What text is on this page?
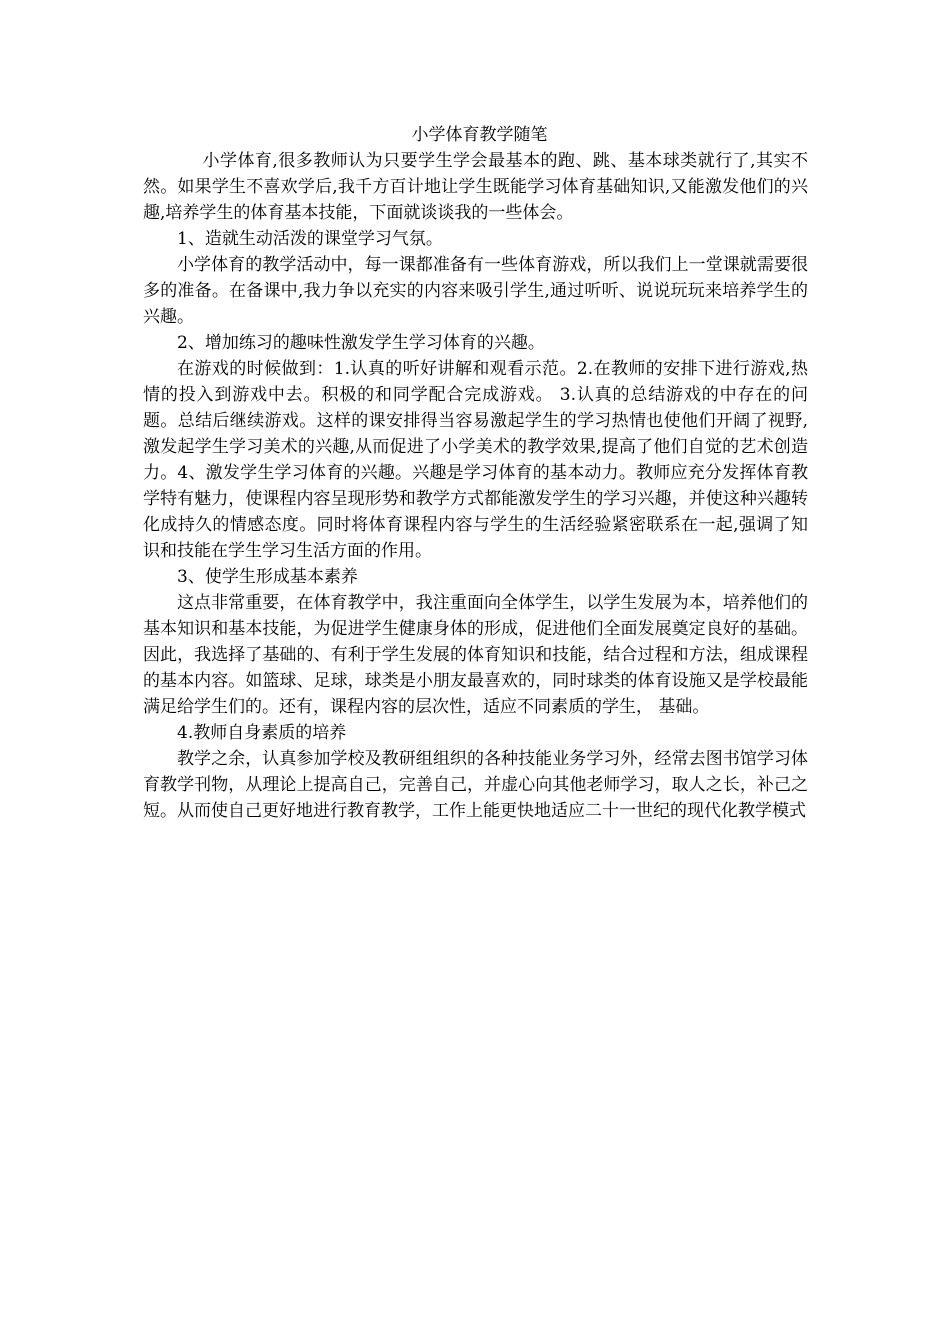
小学体育教学随笔

小学体育,很多教师认为只要学生学会最基本的跑、跳、基本球类就行了,其实不然。如果学生不喜欢学后,我千方百计地让学生既能学习体育基础知识,又能激发他们的兴趣,培养学生的体育基本技能，下面就谈谈我的一些体会。

1、造就生动活泼的课堂学习气氛。

小学体育的教学活动中，每一课都准备有一些体育游戏，所以我们上一堂课就需要很多的准备。在备课中,我力争以充实的内容来吸引学生,通过听听、说说玩玩来培养学生的兴趣。

2、增加练习的趣味性激发学生学习体育的兴趣。

在游戏的时候做到：1.认真的听好讲解和观看示范。2.在教师的安排下进行游戏,热情的投入到游戏中去。积极的和同学配合完成游戏。 3.认真的总结游戏的中存在的问题。总结后继续游戏。这样的课安排得当容易激起学生的学习热情也使他们开阔了视野,激发起学生学习美术的兴趣,从而促进了小学美术的教学效果,提高了他们自觉的艺术创造力。4、激发学生学习体育的兴趣。兴趣是学习体育的基本动力。教师应充分发挥体育教学特有魅力，使课程内容呈现形势和教学方式都能激发学生的学习兴趣，并使这种兴趣转化成持久的情感态度。同时将体育课程内容与学生的生活经验紧密联系在一起,强调了知识和技能在学生学习生活方面的作用。

3、使学生形成基本素养

这点非常重要，在体育教学中，我注重面向全体学生，以学生发展为本，培养他们的基本知识和基本技能，为促进学生健康身体的形成，促进他们全面发展奠定良好的基础。因此，我选择了基础的、有利于学生发展的体育知识和技能，结合过程和方法，组成课程的基本内容。如篮球、足球，球类是小朋友最喜欢的，同时球类的体育设施又是学校最能满足给学生们的。还有，课程内容的层次性，适应不同素质的学生， 基础。

4.教师自身素质的培养

教学之余，认真参加学校及教研组组织的各种技能业务学习外，经常去图书馆学习体育教学刊物，从理论上提高自己，完善自己，并虚心向其他老师学习，取人之长，补己之短。从而使自己更好地进行教育教学，工作上能更快地适应二十一世纪的现代化教学模式
